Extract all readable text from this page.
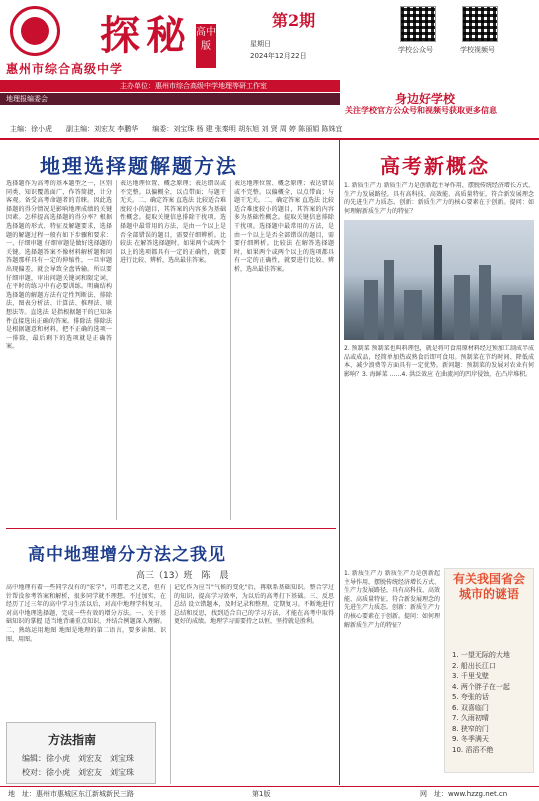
惠州市综合高级中学
探秘 高中版
第2期
星期日
2024年12月22日
学校公众号	学校视频号
身边好学校
关注学校官方公众号和视频号获取更多信息
主办单位：惠州市综合高级中学地理等研工作室
地理报编委会
主编：徐小虎　　副主编：刘宏友 李鹏华　　编委：刘宝珠 杨 建 张秦明 胡东旭 刘 贤 周 婷 陈丽娟 陈姝宜
地理选择题解题方法
选择题作为高考的基本题型之一，区别同类、知识覆盖面广，作答简捷，计分客观。备受高考命题者的青睐。因此选择题的得分情况是影响地理成绩的关键因素。怎样提高选择题的得分率？根据选择题的形式、特征及解题要求，选择题的解题过程一般有如下步骤和要求：一、仔细审题 仔细审题是做好选择题的关键。选择题答案不像材料解析题和问答题那样具有一定的伸缩性，一旦审题出现偏差，就会导致全盘皆输。所以要仔细审题，审出问题关键词和限定词，在平时的练习中有必要训练。明确结构 选择题的解题方法有定性判断法、排除法、图表分析法、计算法、推理法、联想法等。直选法 是指根据题干的已知条件直接选出正确的答案。排除法 排除法是根据题意和材料，把不正确的选项一一排除，最后剩下的选项就是正确答案。
表达地理位置、概念原理；表达错误或不完整。以偏概全，以点带面；与题干无关。二、确定答案 直选法 比较适合难度较小的题目，其答案的内容多为基础性概念。提取关键信息排除干扰项。选择题中最常用的方法，是由一个以上是否全部错误的题目，需要仔细辨析。比较法 在解答选择题时，如果两个或两个以上的选项都具有一定的正确性，就要进行比较、辨析，选出最佳答案。
表达地理位置、概念原理；表达错误或不完整。以偏概全，以点带面；与题干无关。二、确定答案 直选法 比较适合难度较小的题目，其答案的内容多为基础性概念。提取关键信息排除干扰项。选择题中最常用的方法，是由一个以上是否全部错误的题目，需要仔细辨析。比较法 在解答选择题时，如果两个或两个以上的选项都具有一定的正确性，就要进行比较、辨析，选出最佳答案。
高考新概念
1. 新质生产力 新质生产力是创新起主导作用，摆脱传统经济增长方式、生产力发展路径，具有高科技、高效能、高质量特征，符合新发展理念的先进生产力质态。创新：新质生产力的核心要素在于创新。提问：如何理解新质生产力的特征？
2. 预制菜 预制菜也叫料理包，就是将可食用原材料经过预加工制成半成品或成品，经简单加热或熟食后即可食用。预制菜在节约时间、降低成本、减少浪费等方面具有一定优势。新问题：预制菜的发展对农业有何影响？3. 海鲜菜 ……4. 洪泛效应 在曲流河的凹岸侵蚀，在凸岸堆积。
1. 新质生产力 新质生产力是创新起主导作用，摆脱传统经济增长方式、生产力发展路径，具有高科技、高效能、高质量特征，符合新发展理念的先进生产力质态。创新：新质生产力的核心要素在于创新。提问：如何理解新质生产力的特征？
高中地理增分方法之我见
高三（13）班　陈　晨
高中地理有着一些同学没有的"宏学"，可谓老之又老，但有针帮没参考答案和解析，很多同学就不理想。不过加实，在经历了过三年的高中学习生活以后，对高中地理学科复习，对高中地理选择题，完成一些有效的增分方法。一、关于基础知识的掌握 适当地背诵重点知识，并结合例题深入理解。二、熟练运用地图 地图是地理的第二语言，要多读图、识图、用图。
记忆作为应当"气候的变化"后，再联系基础知识。整合学过的知识，提高学习效率，为以后的高考打下基础。三、反思总结 设立错题本，及时记录和整理，定期复习。不断地进行总结和反思，找到适合自己的学习方法，才能在高考中取得更好的成绩。地理学习需要持之以恒，坚持就是胜利。
方法指南
编辑：徐小虎　刘宏友　刘宝珠
校对：徐小虎　刘宏友　刘宝珠
有关我国省会城市的谜语
1. 一望无际的大地
2. 船出长江口
3. 千里戈壁
4. 两个胖子在一起
5. 夸张的话
6. 双喜临门
7. 久雨初晴
8. 狭窄的门
9. 冬季满天
10. 滔滔不绝
地　址：惠州市惠城区东江新城新民三路	第1版	网　址：www.hzzg.net.cn
